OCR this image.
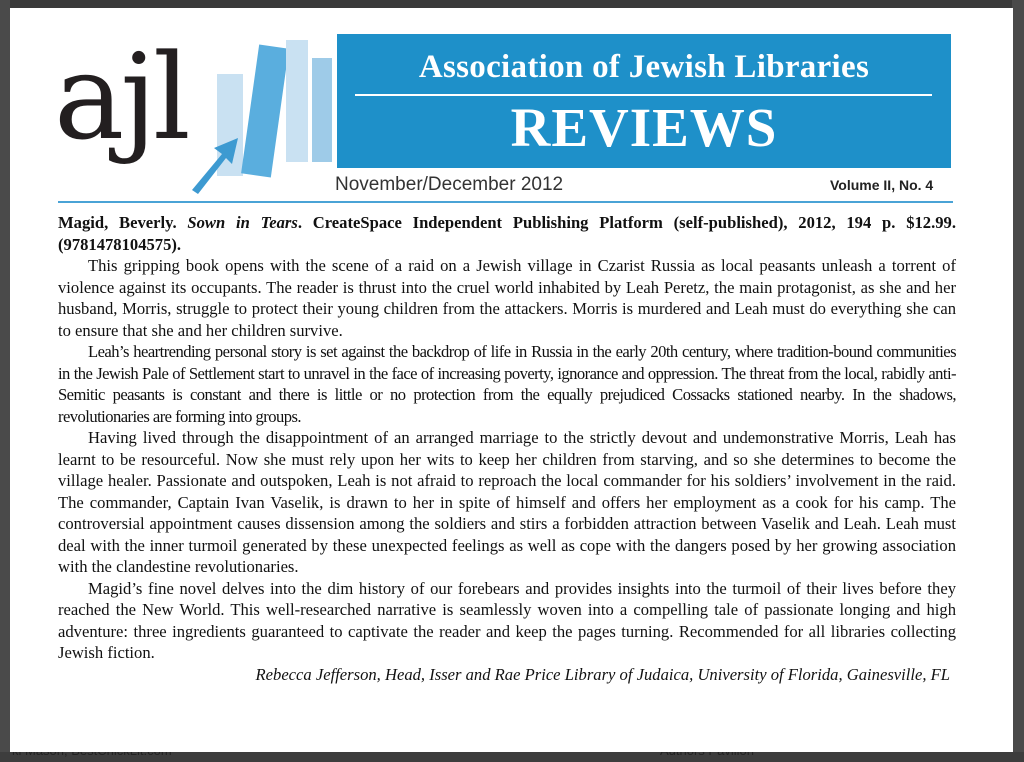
ajl	Association of Jewish Libraries
REVIEWS
November/December 2012	Volume II, No. 4

Magid, Beverly. Sown in Tears. CreateSpace Independent Publishing Platform (self-published), 2012, 194 p. $12.99. (9781478104575).

This gripping book opens with the scene of a raid on a Jewish village in Czarist Russia as local peasants unleash a torrent of violence against its occupants. The reader is thrust into the cruel world inhabited by Leah Peretz, the main protagonist, as she and her husband, Morris, struggle to protect their young children from the attackers. Morris is murdered and Leah must do everything she can to ensure that she and her children survive.

Leah’s heartrending personal story is set against the backdrop of life in Russia in the early 20th century, where tradition-bound communities in the Jewish Pale of Settlement start to unravel in the face of increasing poverty, ignorance and oppression. The threat from the local, rabidly anti-Semitic peasants is constant and there is little or no protection from the equally prejudiced Cossacks stationed nearby. In the shadows, revolutionaries are forming into groups.

Having lived through the disappointment of an arranged marriage to the strictly devout and undemonstrative Morris, Leah has learnt to be resourceful. Now she must rely upon her wits to keep her children from starving, and so she determines to become the village healer. Passionate and outspoken, Leah is not afraid to reproach the local commander for his soldiers’ involvement in the raid. The commander, Captain Ivan Vaselik, is drawn to her in spite of himself and offers her employment as a cook for his camp. The controversial appointment causes dissension among the soldiers and stirs a forbidden attraction between Vaselik and Leah. Leah must deal with the inner turmoil generated by these unexpected feelings as well as cope with the dangers posed by her growing association with the clandestine revolutionaries.

Magid’s fine novel delves into the dim history of our forebears and provides insights into the turmoil of their lives before they reached the New World. This well-researched narrative is seamlessly woven into a compelling tale of passionate longing and high adventure: three ingredients guaranteed to captivate the reader and keep the pages turning. Recommended for all libraries collecting Jewish fiction.

Rebecca Jefferson, Head, Isser and Rae Price Library of Judaica, University of Florida, Gainesville, FL
